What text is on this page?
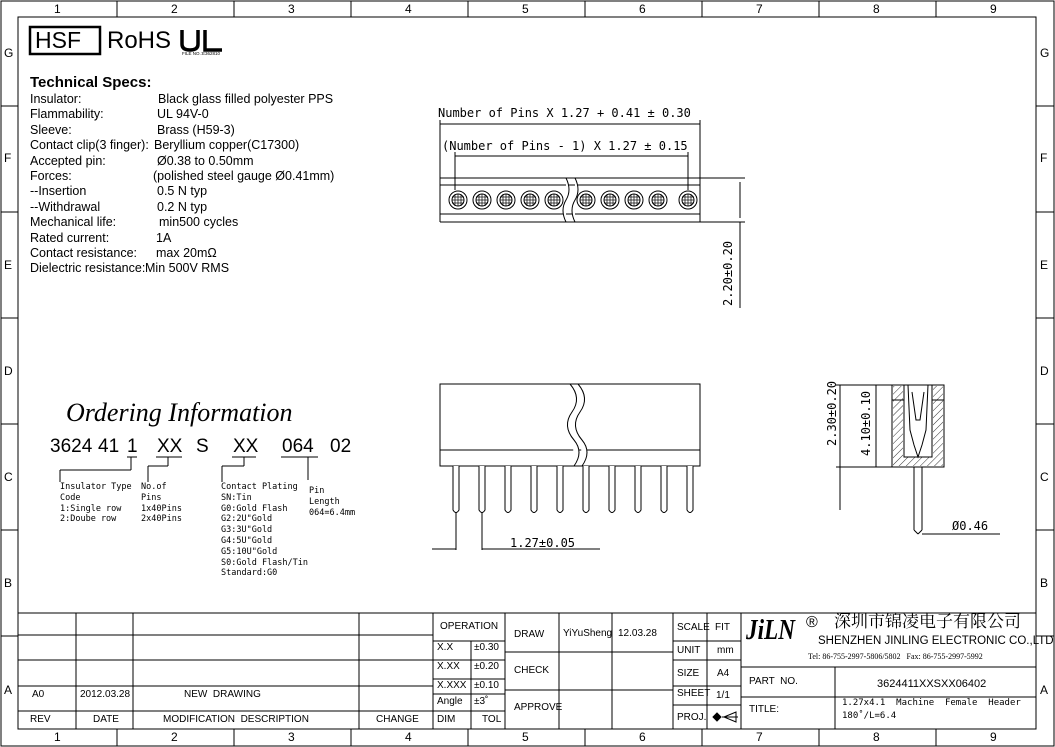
1	2	3	4	5	6	7	8	9
1	2	3	4	5	6	7	8	9
G
F
E
D
C
B
A
G
F
E
D
C
B
A
HSF RoHS FILE NO.:E362810
Technical Specs:
Insulator:	Black glass filled polyester PPS
Flammability:	UL 94V-0
Sleeve:	Brass (H59-3)
Contact clip(3 finger): Beryllium copper(C17300)
Accepted pin:	Ø0.38 to 0.50mm
Forces:	(polished steel gauge Ø0.41mm)
--Insertion	0.5 N typ
--Withdrawal	0.2 N typ
Mechanical life:	min500 cycles
Rated current:	1A
Contact resistance: max 20mΩ
Dielectric resistance: Min 500V RMS
Ordering Information
3624 41 1 XX S XX 064 02
Insulator Type
Code
1:Single row
2:Doube row
No.of
Pins
1x40Pins
2x40Pins
Contact Plating
SN:Tin
G0:Gold Flash
G2:2U"Gold
G3:3U"Gold
G4:5U"Gold
G5:10U"Gold
S0:Gold Flash/Tin
Standard:G0
Pin
Length
064=6.4mm
Number of Pins X 1.27 + 0.41 ± 0.30
(Number of Pins - 1) X 1.27 ± 0.15
2.20±0.20
1.27±0.05
2.30±0.20 4.10±0.10
Ø0.46
REV	DATE	MODIFICATION  DESCRIPTION	CHANGE
A0	2012.03.28	NEW  DRAWING
OPERATION
X.X ±0.30
X.XX ±0.20
X.XXX ±0.10
Angle ±3˚
DIM	TOL
DRAW YiYuSheng 12.03.28
CHECK
APPROVE
SCALE FIT
UNIT mm
SIZE A4
SHEET 1/1
PROJ.
JiLN ® 深圳市锦凌电子有限公司
SHENZHEN JINLING ELECTRONIC CO.,LTD
Tel: 86-755-2997-5806/5802   Fax: 86-755-2997-5992
PART  NO.	3624411XXSXX06402
TITLE:
1.27x4.1  Machine  Female  Header
180˚/L=6.4
